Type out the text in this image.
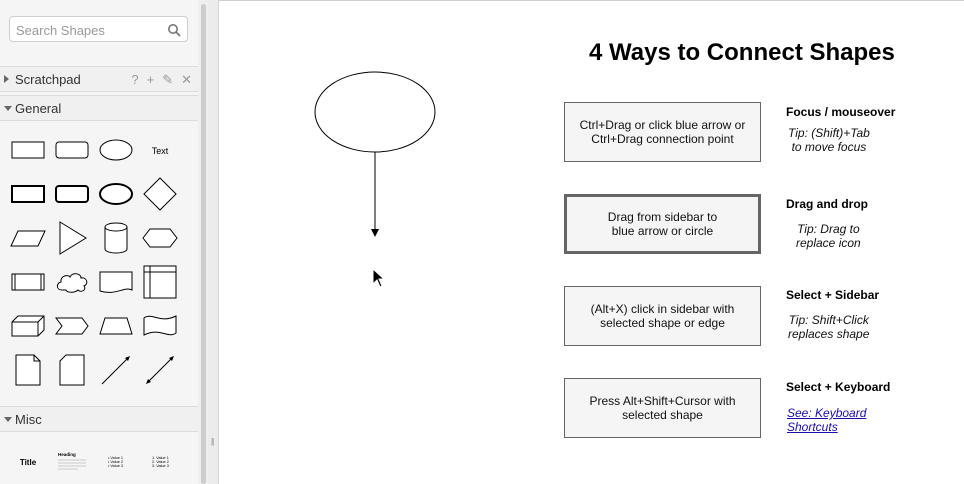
Search Shapes
Scratchpad	? + ✎ ✕
General
Text
Misc
Title
Heading
• Value 1
• Value 2
• Value 3
1. Value 1
2. Value 2
3. Value 3
||
4 Ways to Connect Shapes
Ctrl+Drag or click blue arrow or
Ctrl+Drag connection point
Focus / mouseover
Tip: (Shift)+Tab
to move focus
Drag from sidebar to
blue arrow or circle
Drag and drop
Tip: Drag to
replace icon
(Alt+X) click in sidebar with
selected shape or edge
Select + Sidebar
Tip: Shift+Click
replaces shape
Press Alt+Shift+Cursor with
selected shape
Select + Keyboard
See: Keyboard
Shortcuts
